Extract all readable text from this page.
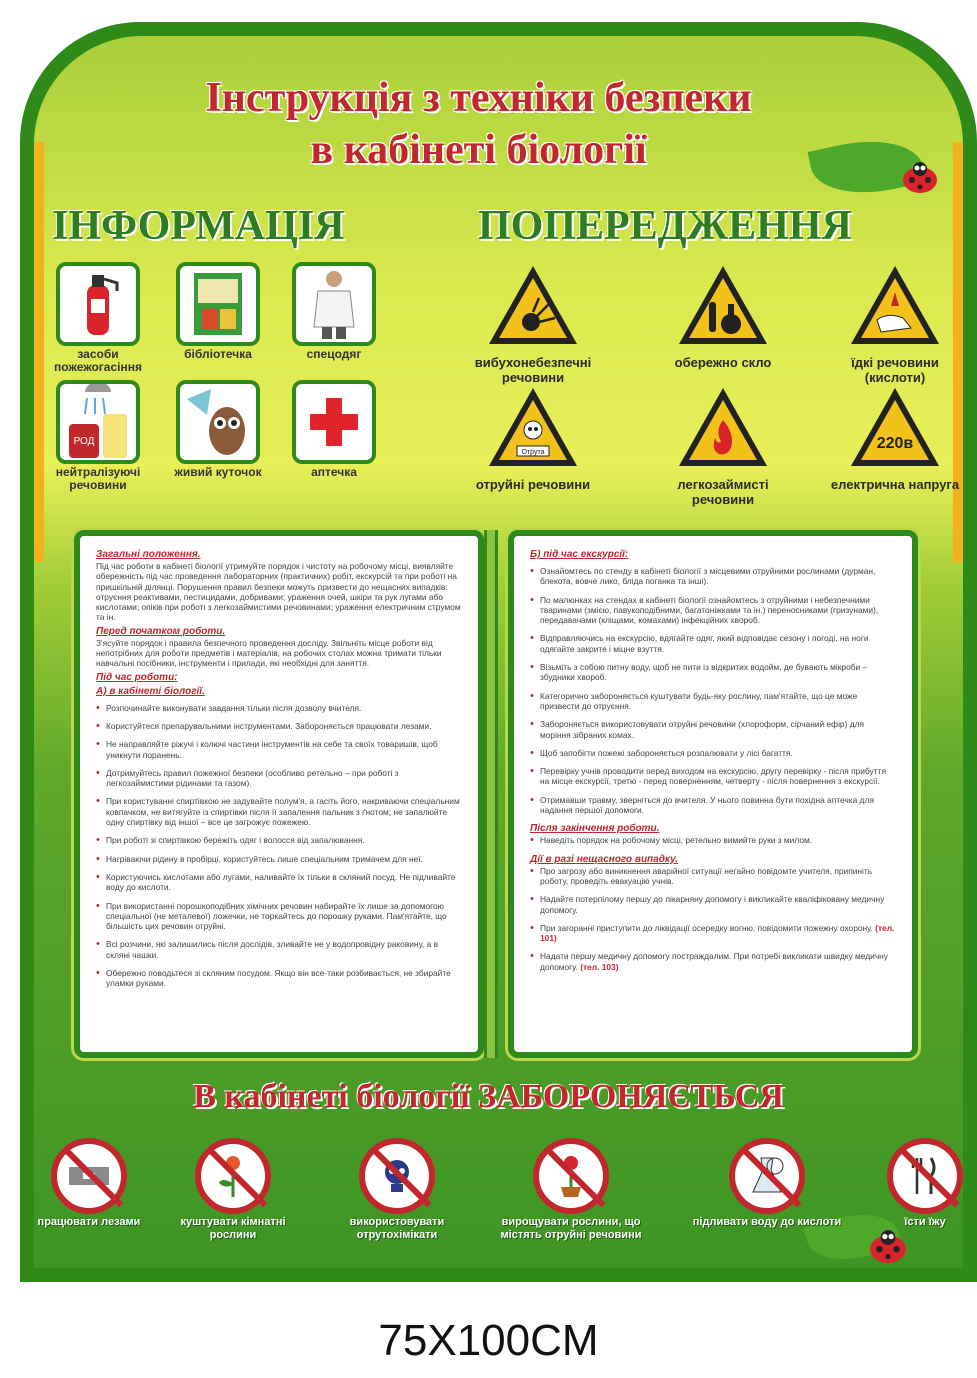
Інструкція з техніки безпеки
в кабінеті біології
ІНФОРМАЦІЯ	ПОПЕРЕДЖЕННЯ
засоби пожежогасіння
бібліотечка	спецодяг
РОД
нейтралізуючі речовини
живий куточок	аптечка
вибухонебезпечні речовини
обережно скло	їдкі речовини (кислоти)
Отрута
отруйні речовини	легкозаймисті речовини
220в
електрична напруга
Загальні положення.
Під час роботи в кабінеті біології утримуйте порядок і чистоту на робочому місці, виявляйте обережність під час проведення лабораторних (практичних) робіт, екскурсій та при роботі на пришкільній ділянці. Порушення правил безпеки можуть призвести до нещасних випадків: отруєння реактивами, пестицидами, добривами; ураження очей, шкіри та рук лугами або кислотами; опіків при роботі з легкозаймистими речовинами; ураження електричним струмом та ін.
Перед початком роботи.
З'ясуйте порядок і правила безпечного проведення досліду. Звільніть місце роботи від непотрібних для роботи предметів і матеріалів, на робочих столах можна тримати тільки навчальні посібники, інструменти і прилади, які необхідні для заняття.
Під час роботи:
А) в кабінеті біології.
• Розпочинайте виконувати завдання тільки після дозволу вчителя.
• Користуйтеся препарувальними інструментами. Забороняється працювати лезами.
• Не направляйте ріжучі і колючі частини інструментів на себе та своїх товаришів, щоб уникнути поранень.
• Дотримуйтесь правил пожежної безпеки (особливо ретельно – при роботі з легкозаймистими рідинами та газом).
• При користуванні спиртівкою не задувайте полум'я, а гасіть його, накриваючи спеціальним ковпачком, не витягуйте із спиртівки після її запалення пальник з ґнотом; не запалюйте одну спиртівку від іншої – все це загрожує пожежею.
• При роботі зі спиртівкою бережіть одяг і волосся від запалювання.
• Нагріваючи рідину в пробірці, користуйтесь лише спеціальним тримачем для неї.
• Користуючись кислотами або лугами, наливайте їх тільки в скляний посуд. Не підливайте воду до кислоти.
• При використанні порошкоподібних хімічних речовин набирайте їх лише за допомогою спеціальної (не металевої) ложечки, не торкайтесь до порошку руками. Пам'ятайте, що більшість цих речовин отруйні.
• Всі розчини, які залишились після дослідів, зливайте не у водопровідну раковину, а в скляні чашки.
• Обережно поводьтеся зі скляним посудом. Якщо він все-таки розбивається, не збирайте уламки руками.
Б) під час екскурсії:
• Ознайомтесь по стенду в кабінеті біології з місцевими отруйними рослинами (дурман, блекота, вовче лико, бліда поганка та інші).
• По малюнках на стендах в кабінеті біології ознайомтесь з отруйними і небезпечними тваринами (змією, павукоподібними, багатоніжками та ін.) переносниками (гризунами), передавачами (кліщами, комахами) інфекційних хвороб.
• Відправляючись на екскурсію, вдягайте одяг, який відповідає сезону і погоді, на ноги одягайте закрите і міцне взуття.
• Візьміть з собою питну воду, щоб не пити із відкритих водойм, де бувають мікроби – збудники хвороб.
• Категорично забороняється куштувати будь-яку рослину, пам'ятайте, що це може призвести до отруєння.
• Забороняється використовувати отруйні речовини (хлороформ, сірчаний ефір) для моріння зібраних комах.
• Щоб запобігти пожежі забороняється розпалювати у лісі багаття.
• Перевірку учнів проводити перед виходом на екскурсію, другу перевірку - після прибуття на місце екскурсії, третю - перед поверненням, четверту - після повернення з екскурсії.
• Отримавши травму, зверніться до вчителя. У нього повинна бути похідна аптечка для надання першої допомоги.
Після закінчення роботи.
• Наведіть порядок на робочому місці, ретельно вимийте руки з милом.
Дії в разі нещасного випадку.
• Про загрозу або виникнення аварійної ситуації негайно повідомте учителя, припиніть роботу, проведіть евакуацію учнів.
• Надайте потерпілому першу до лікарняну допомогу і викликайте кваліфіковану медичну допомогу.
• При загоранні приступити до ліквідації осередку вогню, повідомити пожежну охорону. (тел. 101)
• Надати першу медичну допомогу постраждалим. При потребі викликати швидку медичну допомогу. (тел. 103)
В кабінеті біології ЗАБОРОНЯЄТЬСЯ
працювати лезами	куштувати кімнатні рослини
використовувати отрутохімікати
вирощувати рослини, що містять отруйні речовини
підливати воду до кислоти	їсти їжу
75X100CM
